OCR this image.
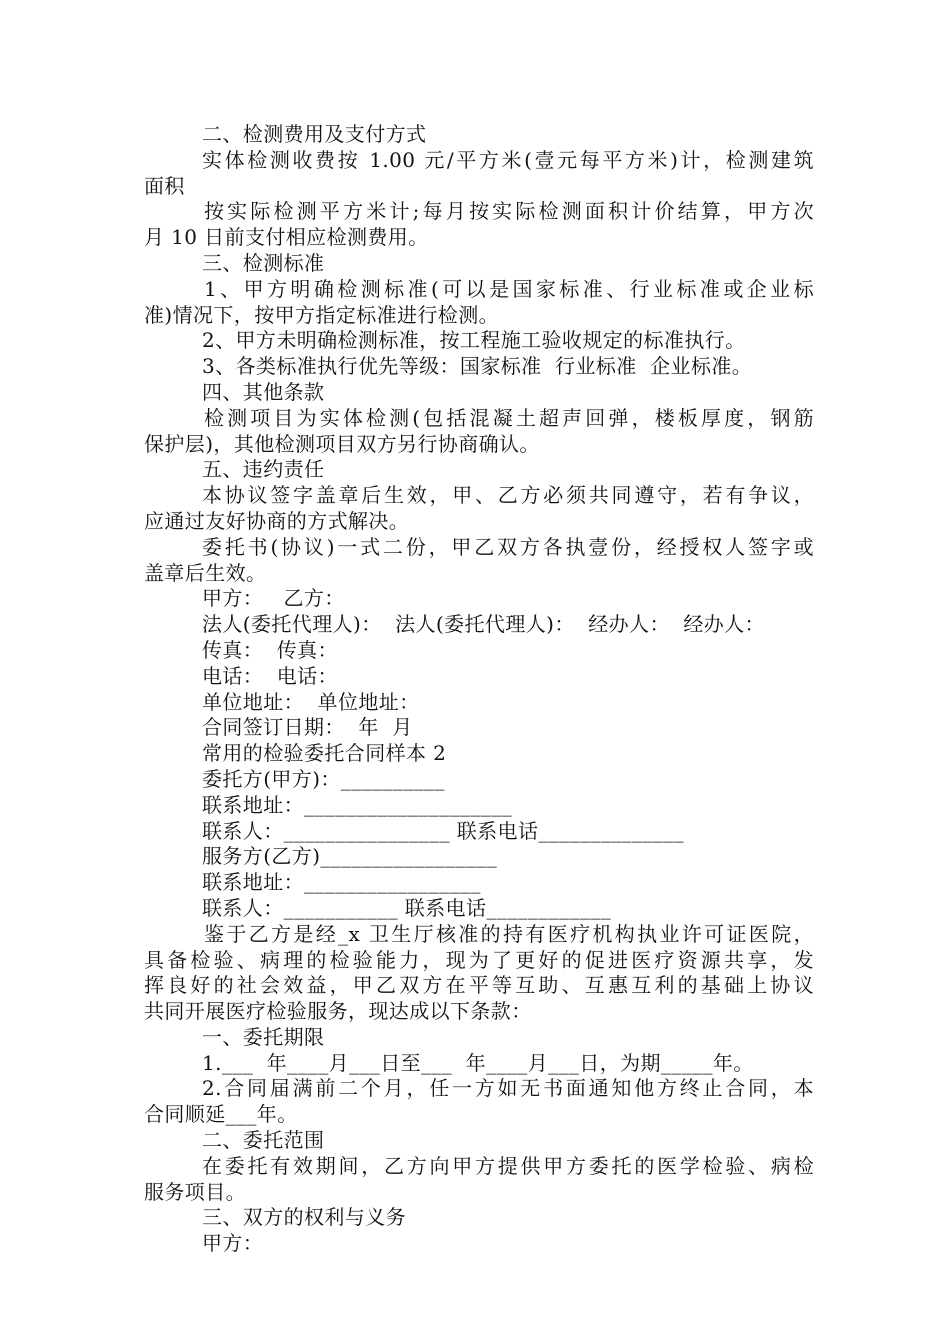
二、检测费用及支付方式
实体检测收费按 1.00 元/平方米(壹元每平方米)计，检测建筑
面积
按实际检测平方米计;每月按实际检测面积计价结算，甲方次
月 10 日前支付相应检测费用。
三、检测标准
1、甲方明确检测标准(可以是国家标准、行业标准或企业标
准)情况下，按甲方指定标准进行检测。
2、甲方未明确检测标准，按工程施工验收规定的标准执行。
3、各类标准执行优先等级：国家标准  行业标准  企业标准。
四、其他条款
检测项目为实体检测(包括混凝土超声回弹，楼板厚度，钢筋
保护层)，其他检测项目双方另行协商确认。
五、违约责任
本协议签字盖章后生效，甲、乙方必须共同遵守，若有争议，
应通过友好协商的方式解决。
委托书(协议)一式二份，甲乙双方各执壹份，经授权人签字或
盖章后生效。
甲方：   乙方：
法人(委托代理人)：  法人(委托代理人)：  经办人：  经办人：
传真：  传真：
电话：  电话：
单位地址：  单位地址：
合同签订日期：  年  月
常用的检验委托合同样本 2
委托方(甲方)：__________
联系地址：____________________
联系人：________________ 联系电话______________
服务方(乙方)_________________
联系地址：_________________
联系人：___________ 联系电话____________
鉴于乙方是经_x 卫生厅核准的持有医疗机构执业许可证医院，
具备检验、病理的检验能力，现为了更好的促进医疗资源共享，发
挥良好的社会效益，甲乙双方在平等互助、互惠互利的基础上协议
共同开展医疗检验服务，现达成以下条款：
一、委托期限
1.___  年____月___日至___  年____月___日，为期_____年。
2.合同届满前二个月，任一方如无书面通知他方终止合同，本
合同顺延___年。
二、委托范围
在委托有效期间，乙方向甲方提供甲方委托的医学检验、病检
服务项目。
三、双方的权利与义务
甲方：
